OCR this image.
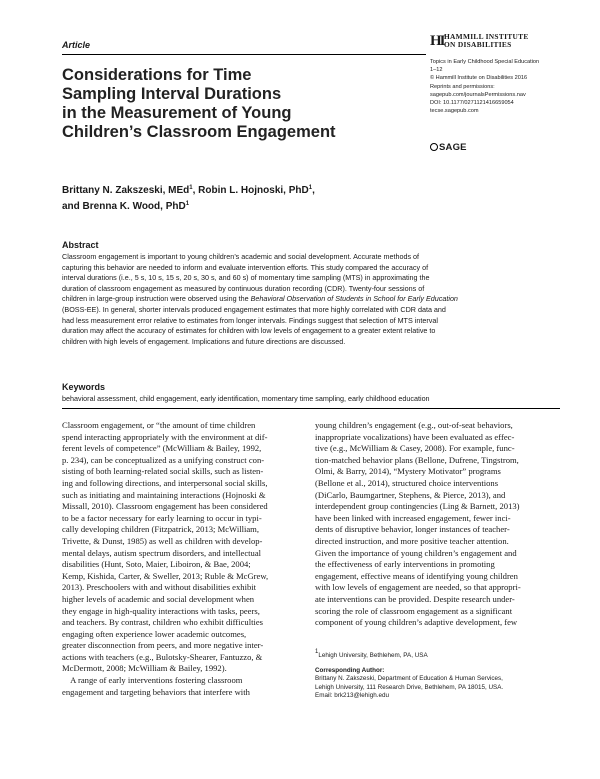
Article	HI HAMMILL INSTITUTE
ON DISABILITIES
Topics in Early Childhood Special Education
1–12
© Hammill Institute on Disabilities 2016
Reprints and permissions:
sagepub.com/journalsPermissions.nav
DOI: 10.1177/0271121416659054
tecse.sagepub.com
SAGE
Considerations for Time
Sampling Interval Durations
in the Measurement of Young
Children’s Classroom Engagement
Brittany N. Zakszeski, MEd$^1$, Robin L. Hojnoski, PhD$^1$,
and Brenna K. Wood, PhD$^1$
Abstract
Classroom engagement is important to young children’s academic and social development. Accurate methods of
capturing this behavior are needed to inform and evaluate intervention efforts. This study compared the accuracy of
interval durations (i.e., 5 s, 10 s, 15 s, 20 s, 30 s, and 60 s) of momentary time sampling (MTS) in approximating the
duration of classroom engagement as measured by continuous duration recording (CDR). Twenty-four sessions of
children in large-group instruction were observed using the Behavioral Observation of Students in School for Early Education
(BOSS-EE). In general, shorter intervals produced engagement estimates that more highly correlated with CDR data and
had less measurement error relative to estimates from longer intervals. Findings suggest that selection of MTS interval
duration may affect the accuracy of estimates for children with low levels of engagement to a greater extent relative to
children with high levels of engagement. Implications and future directions are discussed.
Keywords
behavioral assessment, child engagement, early identification, momentary time sampling, early childhood education
Classroom engagement, or “the amount of time children
spend interacting appropriately with the environment at dif-
ferent levels of competence” (McWilliam & Bailey, 1992,
p. 234), can be conceptualized as a unifying construct con-
sisting of both learning-related social skills, such as listen-
ing and following directions, and interpersonal social skills,
such as initiating and maintaining interactions (Hojnoski &
Missall, 2010). Classroom engagement has been considered
to be a factor necessary for early learning to occur in typi-
cally developing children (Fitzpatrick, 2013; McWilliam,
Trivette, & Dunst, 1985) as well as children with develop-
mental delays, autism spectrum disorders, and intellectual
disabilities (Hunt, Soto, Maier, Liboiron, & Bae, 2004;
Kemp, Kishida, Carter, & Sweller, 2013; Ruble & McGrew,
2013). Preschoolers with and without disabilities exhibit
higher levels of academic and social development when
they engage in high-quality interactions with tasks, peers,
and teachers. By contrast, children who exhibit difficulties
engaging often experience lower academic outcomes,
greater disconnection from peers, and more negative inter-
actions with teachers (e.g., Bulotsky-Shearer, Fantuzzo, &
McDermott, 2008; McWilliam & Bailey, 1992).
A range of early interventions fostering classroom
engagement and targeting behaviors that interfere with
young children’s engagement (e.g., out-of-seat behaviors,
inappropriate vocalizations) have been evaluated as effec-
tive (e.g., McWilliam & Casey, 2008). For example, func-
tion-matched behavior plans (Bellone, Dufrene, Tingstrom,
Olmi, & Barry, 2014), “Mystery Motivator” programs
(Bellone et al., 2014), structured choice interventions
(DiCarlo, Baumgartner, Stephens, & Pierce, 2013), and
interdependent group contingencies (Ling & Barnett, 2013)
have been linked with increased engagement, fewer inci-
dents of disruptive behavior, longer instances of teacher-
directed instruction, and more positive teacher attention.
Given the importance of young children’s engagement and
the effectiveness of early interventions in promoting
engagement, effective means of identifying young children
with low levels of engagement are needed, so that appropri-
ate interventions can be provided. Despite research under-
scoring the role of classroom engagement as a significant
component of young children’s adaptive development, few
$^1$Lehigh University, Bethlehem, PA, USA
Corresponding Author:
Brittany N. Zakszeski, Department of Education & Human Services,
Lehigh University, 111 Research Drive, Bethlehem, PA 18015, USA.
Email: brk213@lehigh.edu
